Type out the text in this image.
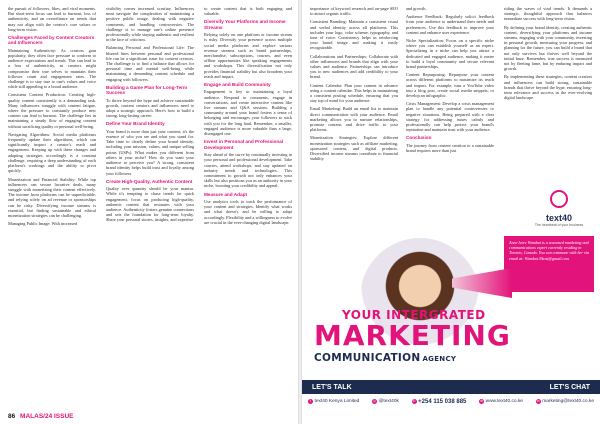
the pursuit of followers, likes, and viral moments. But short-term focus can lead to burnout, loss of authenticity, and an overreliance on trends that may not align with the creator's core values or long-term vision.

Challenges Faced by Content Creators and Influencers

Maintaining Authenticity: As creators gain popularity, they often face pressure to conform to audience expectations and trends. This can lead to a loss of authenticity, as creators might compromise their true selves to maintain their follower count and engagement rates. The challenge is to stay true to one's values and voice while still appealing to a broad audience.

Consistent Content Production: Creating high-quality content consistently is a demanding task. Many influencers struggle with content fatigue, where the pressure to constantly produce new content can lead to burnout. The challenge lies in maintaining a steady flow of engaging content without sacrificing quality or personal well-being.

Navigating Algorithms: Social media platforms frequently update their algorithms, which can significantly impact a creator's reach and engagement. Keeping up with these changes and adapting strategies accordingly is a constant challenge, requiring a deep understanding of each platform's workings and the ability to pivot quickly.

Monetization and Financial Stability: While top influencers can secure lucrative deals, many struggle with monetizing their content effectively. The income from platforms can be unpredictable, and relying solely on ad revenue or sponsorships can be risky. Diversifying income streams is essential, but finding sustainable and ethical monetization strategies can be challenging.

Managing Public Image: With increased

visibility comes increased scrutiny. Influencers must navigate the complexities of maintaining a positive public image, dealing with negative comments, and handling controversies. The challenge is to manage one's online presence professionally while staying authentic and resilient in the face of criticism.

Balancing Personal and Professional Life: The blurred lines between personal and professional life can be a significant issue for content creators. The challenge is to find a balance that allows for personal time and mental well-being while maintaining a demanding content schedule and engaging with followers.

Building a Game Plan for Long-Term Success

To thrive beyond the hype and achieve sustainable growth, content creators and influencers need to adopt a strategic approach. Here's how to build a strong, long-lasting career:

Define Your Brand Identity

Your brand is more than just your content; it's the essence of who you are and what you stand for. Take time to clearly define your brand identity, including your mission, values, and unique selling points (USPs). What makes you different from others in your niche? How do you want your audience to perceive you? A strong, consistent brand identity helps build trust and loyalty among your followers.

Create High-Quality, Authentic Content

Quality over quantity should be your mantra. While it's tempting to chase trends for quick engagement, focus on producing high-quality, authentic content that resonates with your audience. Authenticity fosters genuine connections and sets the foundation for long-term loyalty. Share your personal stories, insights, and expertise

to create content that is both engaging and valuable.

Diversify Your Platforms and Income Streams

Relying solely on one platform or income stream is risky. Diversify your presence across multiple social media platforms and explore various revenue streams such as brand partnerships, merchandise, subscriptions, courses, and even offline opportunities like speaking engagements and workshops. This diversification not only provides financial stability but also broadens your reach and impact.

Engage and Build Community

Engagement is key to maintaining a loyal audience. Respond to comments, engage in conversations, and create interactive content like live streams and Q&A sessions. Building a community around your brand fosters a sense of belonging and encourages your followers to stick with you for the long haul. Remember, a smaller, engaged audience is more valuable than a large, disengaged one.

Invest in Personal and Professional Development

Stay ahead of the curve by continually investing in your personal and professional development. Take courses, attend workshops, and stay updated on industry trends and technologies. This commitment to growth not only enhances your skills but also positions you as an authority in your niche, boosting your credibility and appeal.

Measure and Adapt

Use analytics tools to track the performance of your content and strategies. Identify what works and what doesn't, and be willing to adapt accordingly. Flexibility and a willingness to evolve are crucial in the ever-changing digital landscape.

86 MALAS/24 ISSUE

importance of keyword research and on-page SEO to attract organic traffic.

Consistent Branding: Maintain a consistent visual and verbal identity across all platforms. This includes your logo, color scheme, typography, and tone of voice. Consistency helps in reinforcing your brand image and making it easily recognizable.

Collaborations and Partnerships: Collaborate with other influencers and brands that align with your values and audience. Partnerships can introduce you to new audiences and add credibility to your brand.

Content Calendar: Plan your content in advance using a content calendar. This helps in maintaining a consistent posting schedule, ensuring that you stay top of mind for your audience.

Email Marketing: Build an email list to maintain direct communication with your audience. Email marketing allows you to nurture relationships, promote content, and drive traffic to your platforms.

Monetization Strategies: Explore different monetization strategies such as affiliate marketing, sponsored content, and digital products. Diversified income streams contribute to financial stability

and growth.

Audience Feedback: Regularly solicit feedback from your audience to understand their needs and preferences. Use this feedback to improve your content and enhance user experience.

Niche Specialization: Focus on a specific niche where you can establish yourself as an expert. Specializing in a niche can help you attract a dedicated and engaged audience, making it easier to build a loyal community and secure relevant brand partnerships.

Content Repurposing: Repurpose your content across different platforms to maximize its reach and impact. For example, turn a YouTube video into a blog post, create social media snippets, or develop an infographic.

Crisis Management: Develop a crisis management plan to handle any potential controversies or negative situations. Being prepared with a clear strategy for addressing issues calmly and professionally can help protect your brand's reputation and maintain trust with your audience.

Conclusion

The journey from content creation to a sustainable brand requires more than just

riding the waves of viral trends. It demands a strategic, thoughtful approach that balances immediate success with long-term vision.

By defining your brand identity, creating authentic content, diversifying your platforms and income streams, engaging with your community, investing in personal growth, measuring your progress, and planning for the future, you can build a brand that not only survives but thrives well beyond the initial buzz. Remember, true success is measured not by fleeting fame, but by enduring impact and growth.

By implementing these strategies, content creators and influencers can build strong, sustainable brands that thrive beyond the hype, ensuring long-term relevance and success in the ever-evolving digital landscape.

Anne Ivere Wambui is a seasoned marketing and communications expert currently residing in Toronto, Canada. You can commune with her via email at: Wambui.Nkosi@gmail.com

text40
The heartbeat of your business
YOUR INTERGRATED
MARKETING
COMMUNICATION AGENCY
LET'S TALK	LET'S CHAT
f text40 Kenya Limited	◎ @text40k	✆ +254 115 038 885	⊕ www.text40.co.ke	✉ marketing@text40.co.ke
